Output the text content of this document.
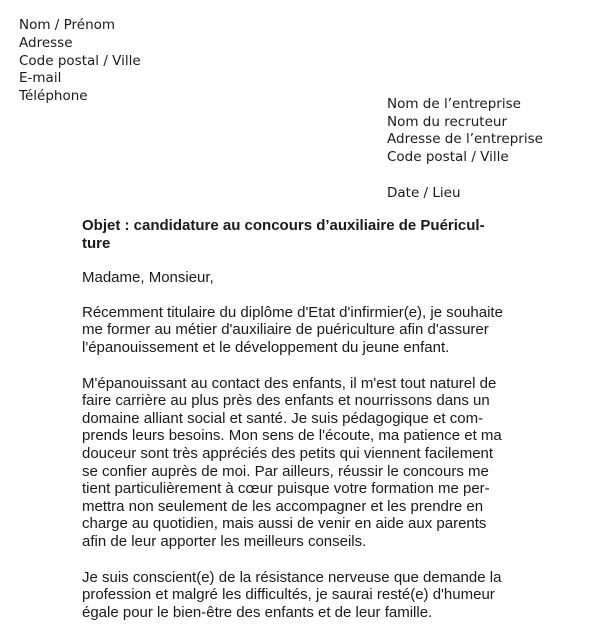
Nom / Prénom
Adresse
Code postal / Ville
E-mail
Téléphone	Nom de l’entreprise
Nom du recruteur
Adresse de l’entreprise
Code postal / Ville
Date / Lieu
Objet : candidature au concours d’auxiliaire de Puéricul-
ture
Madame, Monsieur,
Récemment titulaire du diplôme d'Etat d'infirmier(e), je souhaite
me former au métier d'auxiliaire de puériculture afin d'assurer
l'épanouissement et le développement du jeune enfant.
M'épanouissant au contact des enfants, il m'est tout naturel de
faire carrière au plus près des enfants et nourrissons dans un
domaine alliant social et santé. Je suis pédagogique et com-
prends leurs besoins. Mon sens de l'écoute, ma patience et ma
douceur sont très appréciés des petits qui viennent facilement
se confier auprès de moi. Par ailleurs, réussir le concours me
tient particulièrement à cœur puisque votre formation me per-
mettra non seulement de les accompagner et les prendre en
charge au quotidien, mais aussi de venir en aide aux parents
afin de leur apporter les meilleurs conseils.
Je suis conscient(e) de la résistance nerveuse que demande la
profession et malgré les difficultés, je saurai resté(e) d'humeur
égale pour le bien-être des enfants et de leur famille.
